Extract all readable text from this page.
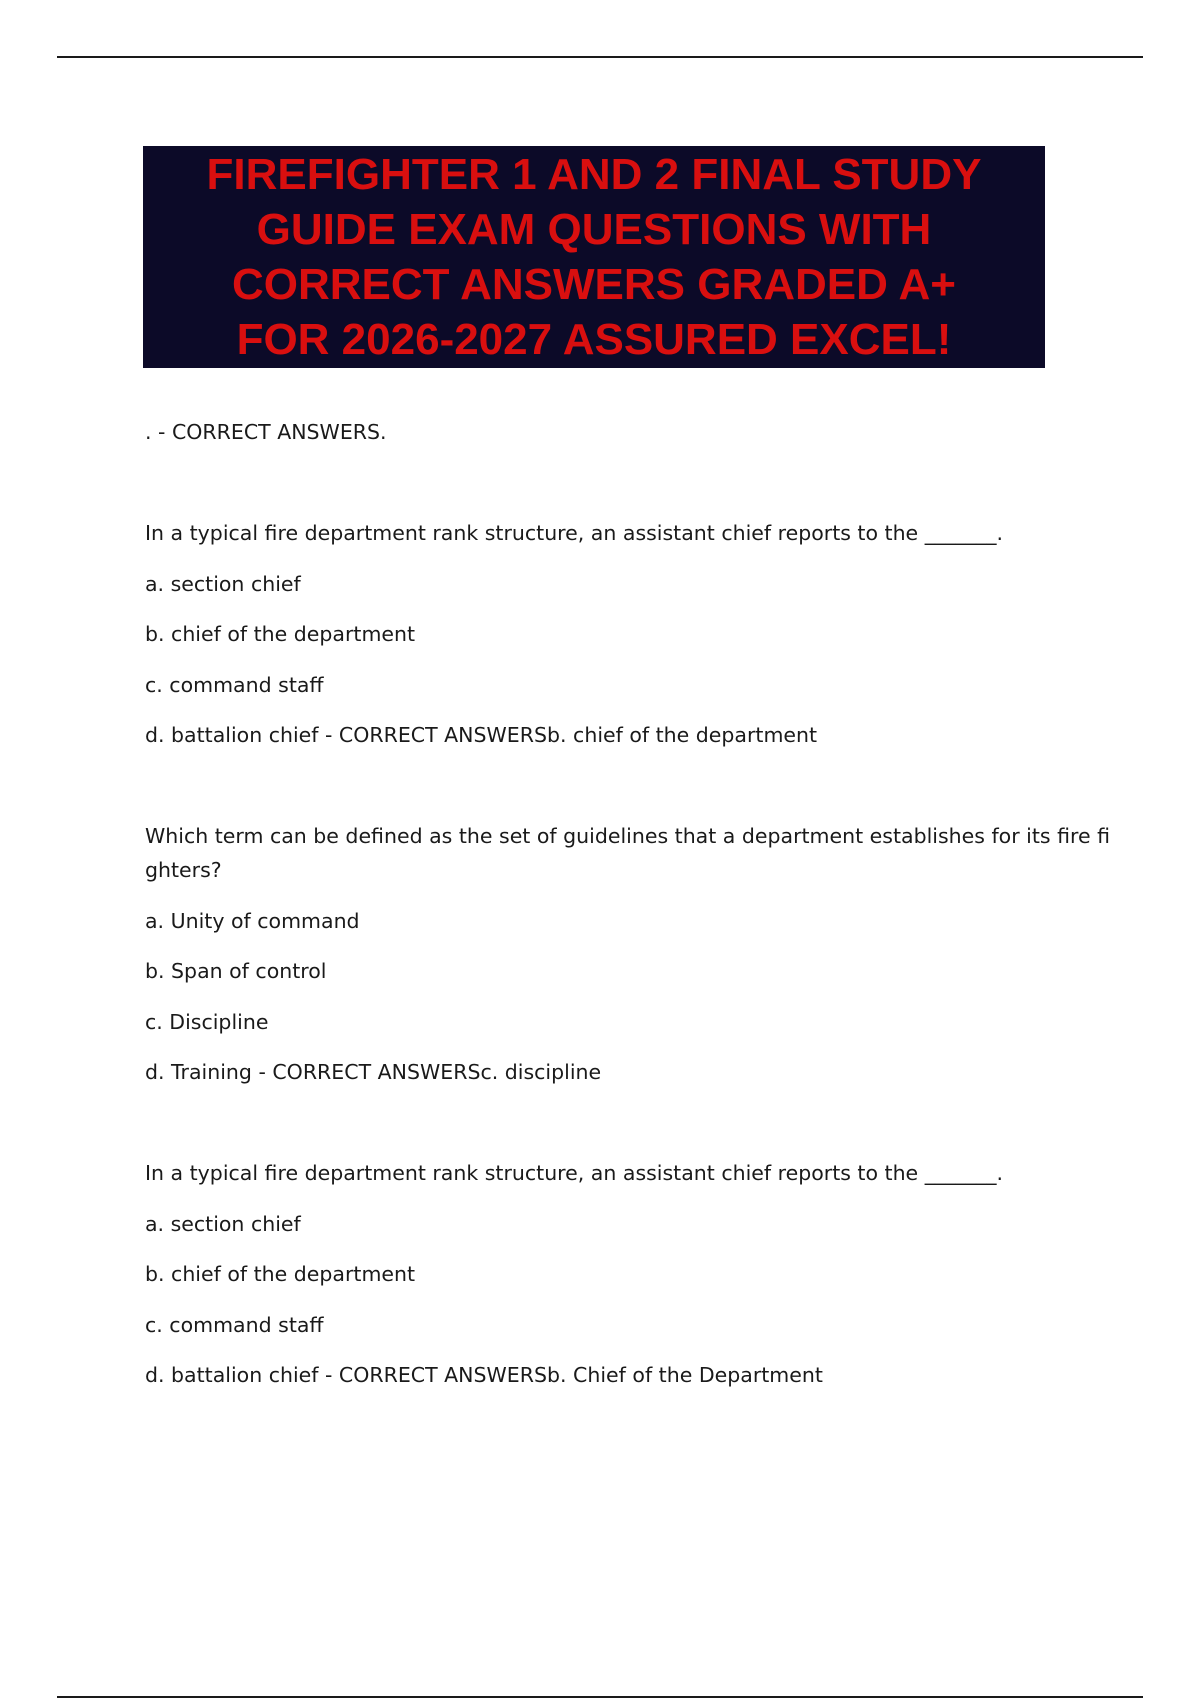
FIREFIGHTER 1 AND 2 FINAL STUDY
GUIDE EXAM QUESTIONS WITH
CORRECT ANSWERS GRADED A+
FOR 2026-2027 ASSURED EXCEL!
. - CORRECT ANSWERS.
In a typical fire department rank structure, an assistant chief reports to the _______.
a. section chief
b. chief of the department
c. command staff
d. battalion chief - CORRECT ANSWERSb. chief of the department
Which term can be defined as the set of guidelines that a department establishes for its fire fi
ghters?
a. Unity of command
b. Span of control
c. Discipline
d. Training - CORRECT ANSWERSc. discipline
In a typical fire department rank structure, an assistant chief reports to the _______.
a. section chief
b. chief of the department
c. command staff
d. battalion chief - CORRECT ANSWERSb. Chief of the Department
